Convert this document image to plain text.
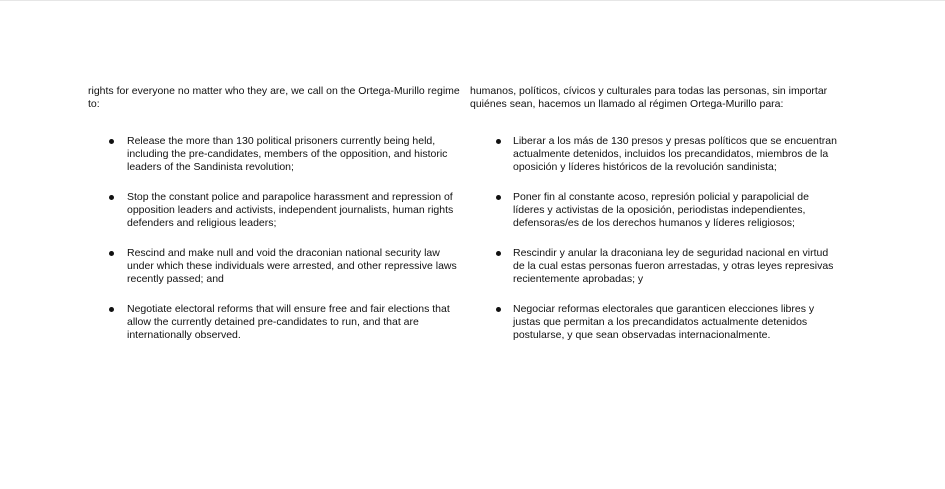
rights for everyone no matter who they are, we call on the Ortega-Murillo regime to:

Release the more than 130 political prisoners currently being held, including the pre-candidates, members of the opposition, and historic leaders of the Sandinista revolution;
Stop the constant police and parapolice harassment and repression of opposition leaders and activists, independent journalists, human rights defenders and religious leaders;
Rescind and make null and void the draconian national security law under which these individuals were arrested, and other repressive laws recently passed; and
Negotiate electoral reforms that will ensure free and fair elections that allow the currently detained pre-candidates to run, and that are internationally observed.

humanos, políticos, cívicos y culturales para todas las personas, sin importar quiénes sean, hacemos un llamado al régimen Ortega-Murillo para:

Liberar a los más de 130 presos y presas políticos que se encuentran actualmente detenidos, incluidos los precandidatos, miembros de la oposición y líderes históricos de la revolución sandinista;
Poner fin al constante acoso, represión policial y parapolicial de líderes y activistas de la oposición, periodistas independientes, defensoras/es de los derechos humanos y líderes religiosos;
Rescindir y anular la draconiana ley de seguridad nacional en virtud de la cual estas personas fueron arrestadas, y otras leyes represivas recientemente aprobadas; y
Negociar reformas electorales que garanticen elecciones libres y justas que permitan a los precandidatos actualmente detenidos postularse, y que sean observadas internacionalmente.
